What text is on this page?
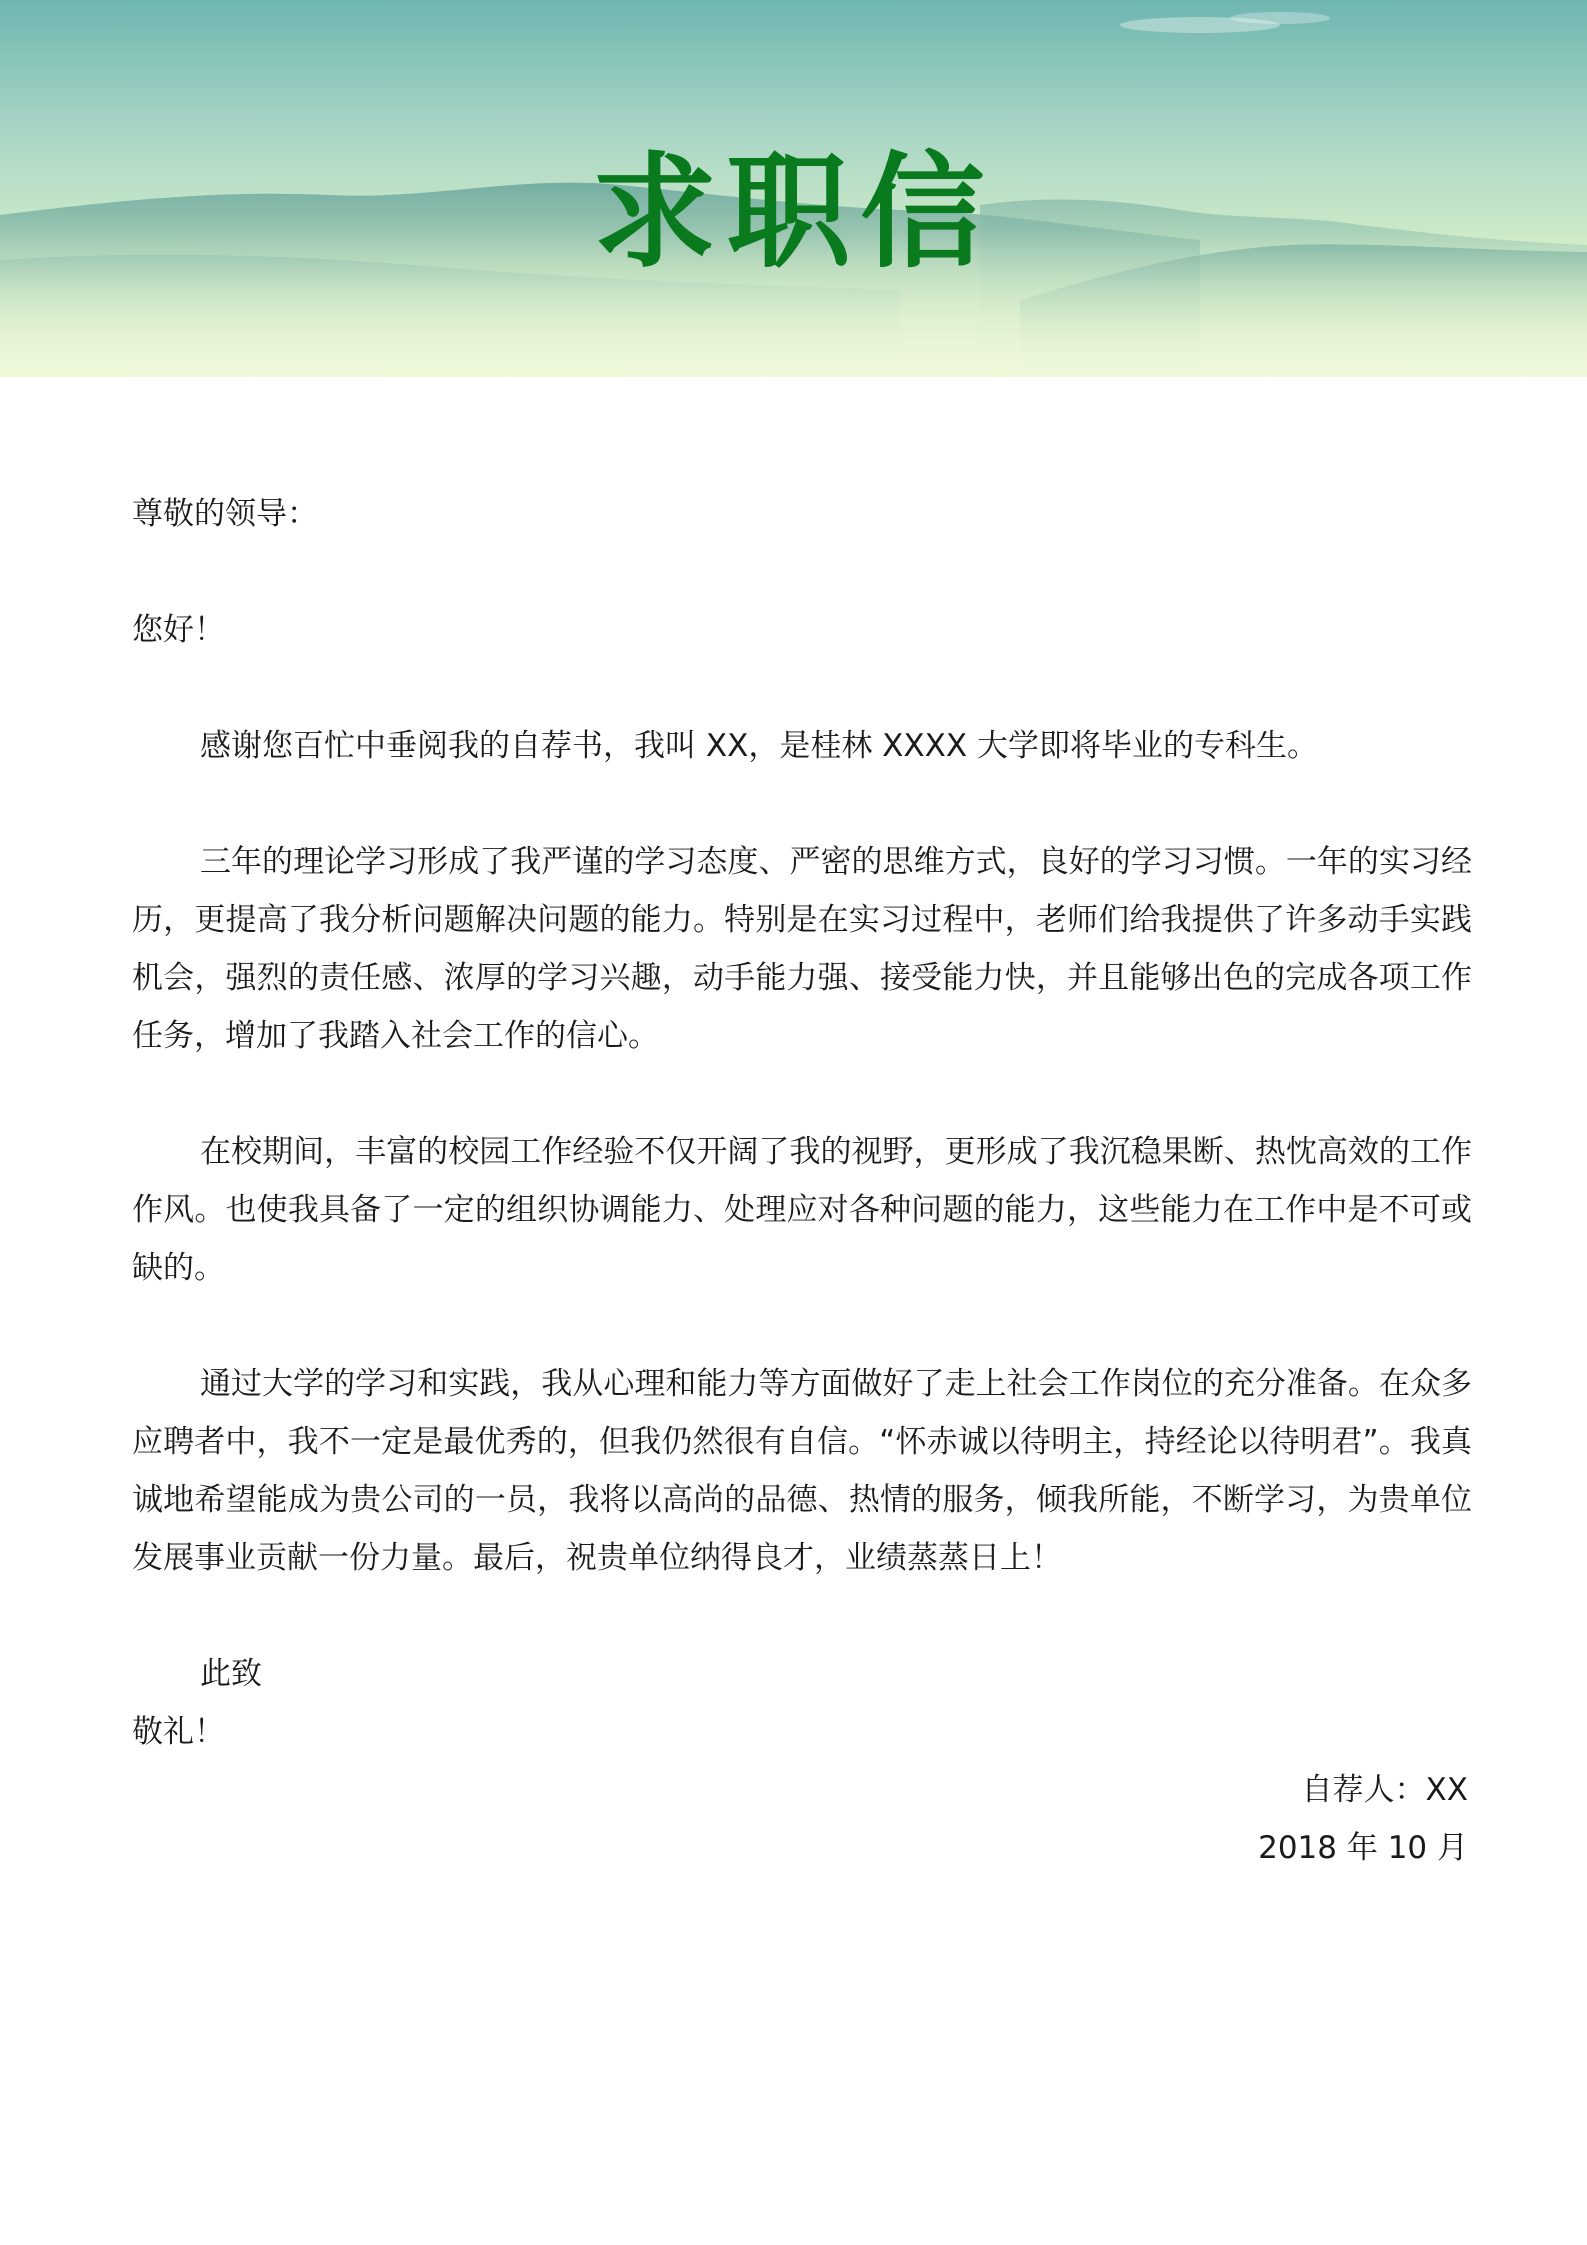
求职信

尊敬的领导：

您好！

感谢您百忙中垂阅我的自荐书，我叫 XX，是桂林 XXXX 大学即将毕业的专科生。

三年的理论学习形成了我严谨的学习态度、严密的思维方式，良好的学习习惯。一年的实习经历，更提高了我分析问题解决问题的能力。特别是在实习过程中，老师们给我提供了许多动手实践机会，强烈的责任感、浓厚的学习兴趣，动手能力强、接受能力快，并且能够出色的完成各项工作任务，增加了我踏入社会工作的信心。

在校期间，丰富的校园工作经验不仅开阔了我的视野，更形成了我沉稳果断、热忱高效的工作作风。也使我具备了一定的组织协调能力、处理应对各种问题的能力，这些能力在工作中是不可或缺的。

通过大学的学习和实践，我从心理和能力等方面做好了走上社会工作岗位的充分准备。在众多应聘者中，我不一定是最优秀的，但我仍然很有自信。“怀赤诚以待明主，持经论以待明君”。我真诚地希望能成为贵公司的一员，我将以高尚的品德、热情的服务，倾我所能，不断学习，为贵单位发展事业贡献一份力量。最后，祝贵单位纳得良才，业绩蒸蒸日上！

此致

敬礼！

自荐人：XX

2018 年 10 月
